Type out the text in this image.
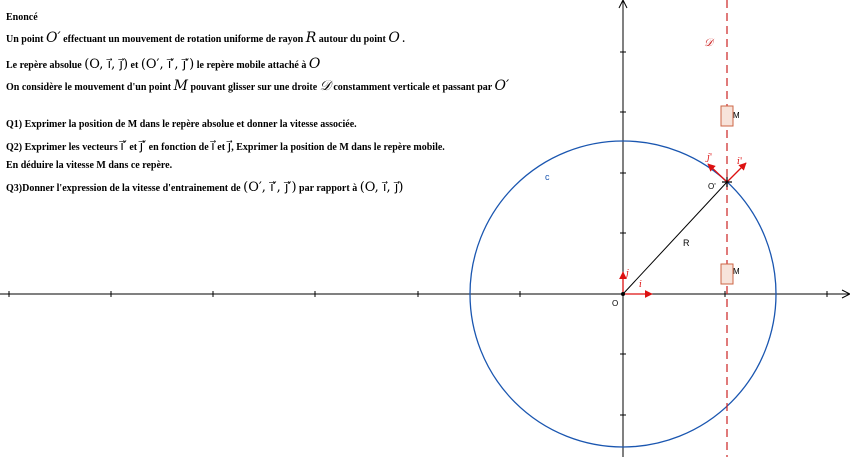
Enoncé
Un point O′ effectuant un mouvement de rotation uniforme de rayon R autour du point O .
Le repère absolue (O, i⃗, j⃗) et (O′, i⃗′, j⃗′) le repère mobile attaché à O
On considère le mouvement d'un point M pouvant glisser sur une droite 𝒟 constamment verticale et passant par O′
Q1) Exprimer la position de M dans le repère absolue et donner la vitesse associée.
Q2) Exprimer les vecteurs i⃗′ et j⃗′ en fonction de i⃗ et j⃗, Exprimer la position de M dans le repère mobile.
En déduire la vitesse M dans ce repère.
Q3)Donner l'expression de la vitesse d'entrainement de (O′, i⃗′, j⃗′) par rapport à (O, i⃗, j⃗)
c
𝒟
R
i
j
O
i'
j'
O'
M
M
